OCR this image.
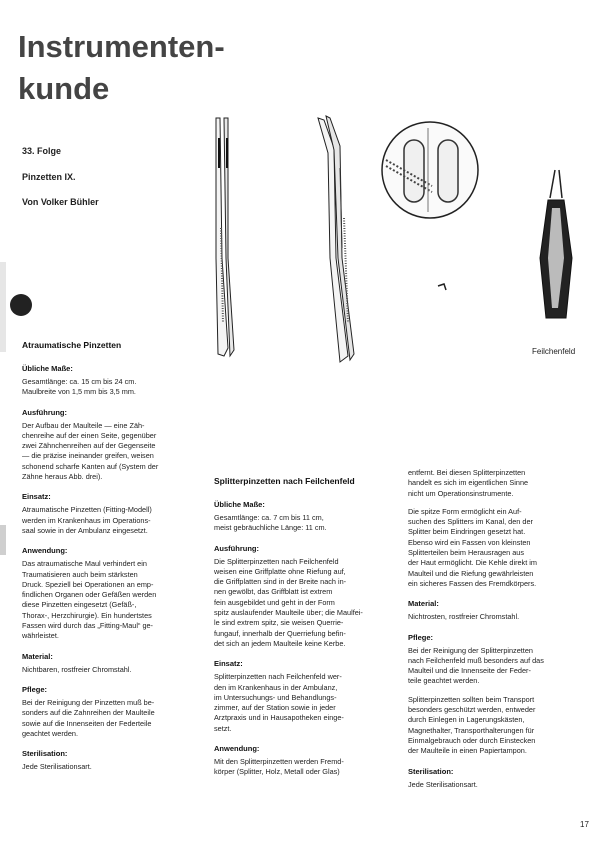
Instrumenten-
kunde
33. Folge
Pinzetten IX.
Von Volker Bühler
Feilchenfeld
Atraumatische Pinzetten
Übliche Maße:
Gesamtlänge: ca. 15 cm bis 24 cm.
Maulbreite von 1,5 mm bis 3,5 mm.
Ausführung:
Der Aufbau der Maulteile — eine Zäh-
chenreihe auf der einen Seite, gegenüber
zwei Zähnchenreihen auf der Gegenseite
— die präzise ineinander greifen, weisen
schonend scharfe Kanten auf (System der
Zähne heraus Abb. drei).
Einsatz:
Atraumatische Pinzetten (Fitting-Modell)
werden im Krankenhaus im Operations-
saal sowie in der Ambulanz eingesetzt.
Anwendung:
Das atraumatische Maul verhindert ein
Traumatisieren auch beim stärksten
Druck. Speziell bei Operationen an emp-
findlichen Organen oder Gefäßen werden
diese Pinzetten eingesetzt (Gefäß-,
Thorax-, Herzchirurgie). Ein hundertstes
Fassen wird durch das „Fitting-Maul“ ge-
währleistet.
Material:
Nichtbaren, rostfreier Chromstahl.
Pflege:
Bei der Reinigung der Pinzetten muß be-
sonders auf die Zahnreihen der Maulteile
sowie auf die Innenseiten der Federteile
geachtet werden.
Sterilisation:
Jede Sterilisationsart.
Splitterpinzetten nach Feilchenfeld
Übliche Maße:
Gesamtlänge: ca. 7 cm bis 11 cm,
meist gebräuchliche Länge: 11 cm.
Ausführung:
Die Splitterpinzetten nach Feilchenfeld
weisen eine Griffplatte ohne Riefung auf,
die Griffplatten sind in der Breite nach in-
nen gewölbt, das Griffblatt ist extrem
fein ausgebildet und geht in der Form
spitz auslaufender Maulteile über; die Maulfei-
le sind extrem spitz, sie weisen Querrie-
fungauf, innerhalb der Querriefung befin-
det sich an jedem Maulteile keine Kerbe.
Einsatz:
Splitterpinzetten nach Feilchenfeld wer-
den im Krankenhaus in der Ambulanz,
im Untersuchungs- und Behandlungs-
zimmer, auf der Station sowie in jeder
Arztpraxis und in Hausapotheken einge-
setzt.
Anwendung:
Mit den Splitterpinzetten werden Fremd-
körper (Splitter, Holz, Metall oder Glas)
entfernt. Bei diesen Splitterpinzetten
handelt es sich im eigentlichen Sinne
nicht um Operationsinstrumente.
Die spitze Form ermöglicht ein Auf-
suchen des Splitters im Kanal, den der
Splitter beim Eindringen gesetzt hat.
Ebenso wird ein Fassen von kleinsten
Splitterteilen beim Herausragen aus
der Haut ermöglicht. Die Kehle direkt im
Maulteil und die Riefung gewährleisten
ein sicheres Fassen des Fremdkörpers.
Material:
Nichtrosten, rostfreier Chromstahl.
Pflege:
Bei der Reinigung der Splitterpinzetten
nach Feilchenfeld muß besonders auf das
Maulteil und die Innenseite der Feder-
teile geachtet werden.
Splitterpinzetten sollten beim Transport
besonders geschützt werden, entweder
durch Einlegen in Lagerungskästen,
Magnethalter, Transporthalterungen für
Einmalgebrauch oder durch Einstecken
der Maulteile in einen Papiertampon.
Sterilisation:
Jede Sterilisationsart.
17
